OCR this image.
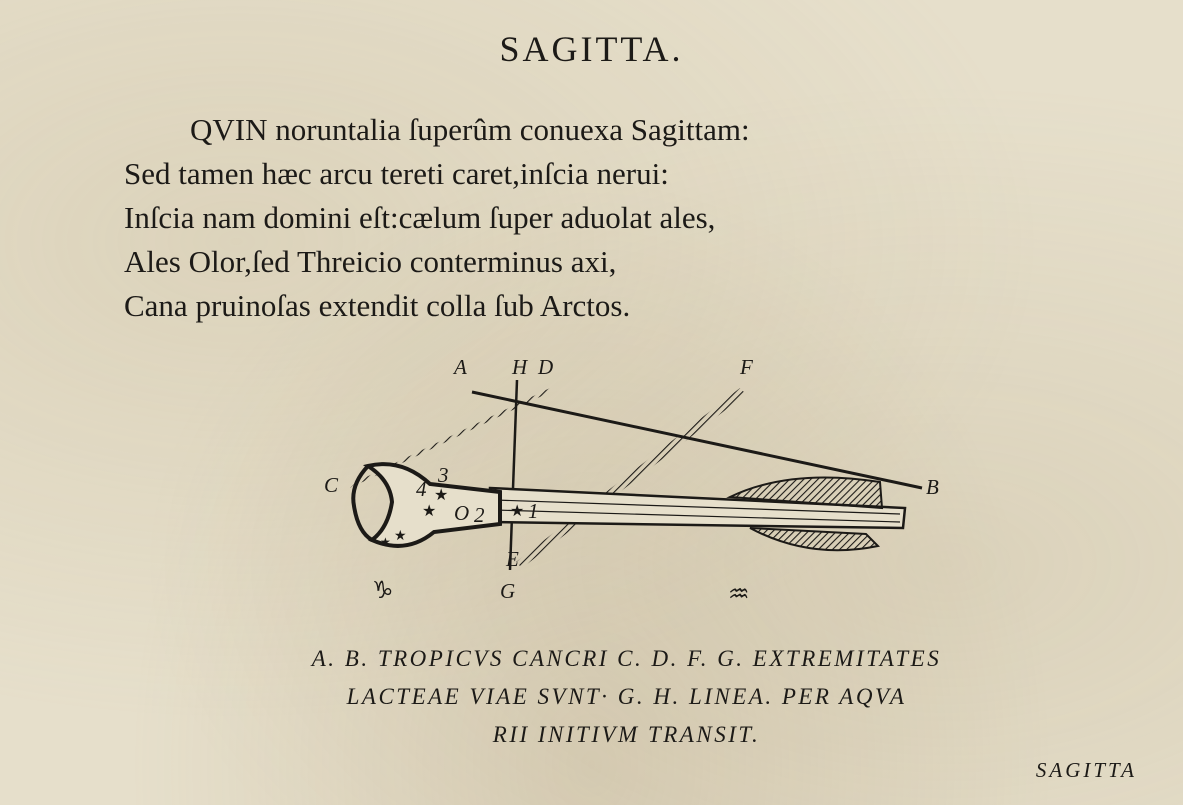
SAGITTA.
QVIN noruntalia ſuperûm conuexa Sagittam:
Sed tamen hæc arcu tereti caret,inſcia nerui:
Inſcia nam domini eſt:cælum ſuper aduolat ales,
Ales Olor,ſed Threicio conterminus axi,
Cana pruinoſas extendit colla ſub Arctos.
★
★	★
★
★
3
4
O 2 1
A H D	F
B
C
E
G
♑	♒
A. B. TROPICVS CANCRI C. D. F. G. EXTREMITATES
LACTEAE VIAE SVNT· G. H. LINEA. PER AQVA
RII INITIVM TRANSIT.
SAGITTA
